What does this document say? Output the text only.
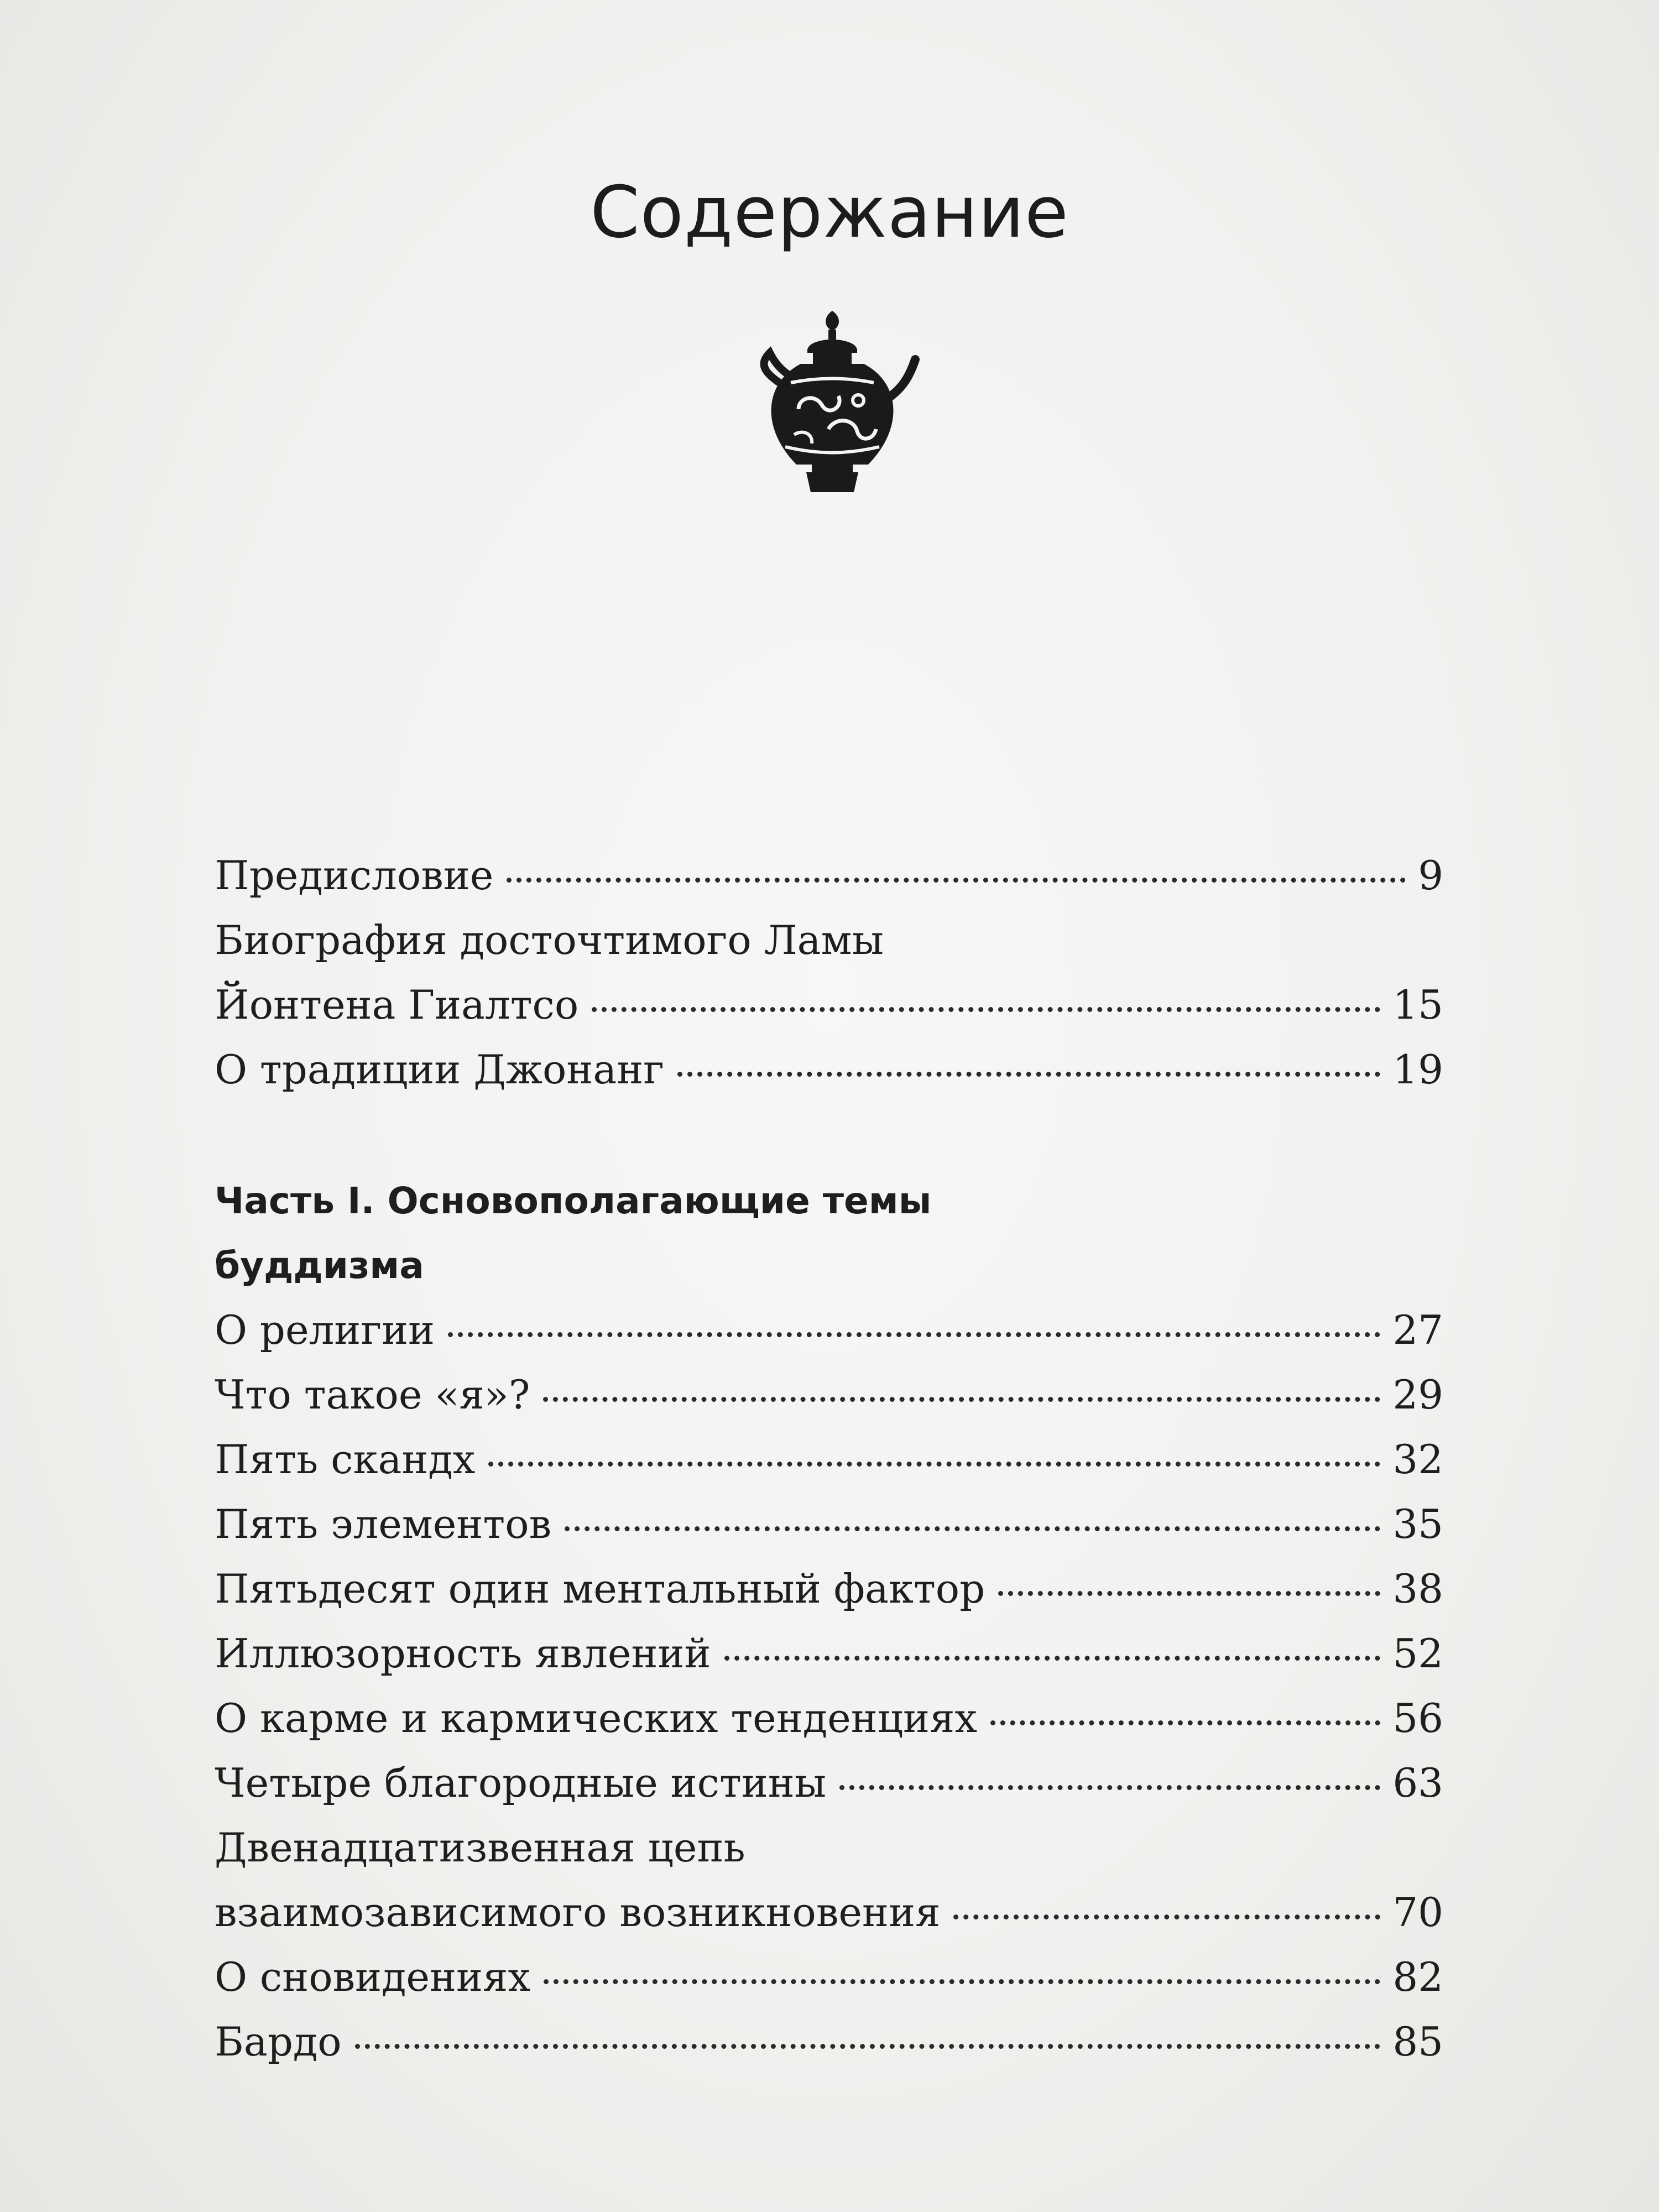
Содержание
Предисловие	9
Биография досточтимого Ламы
Йонтена Гиалтсо	15
О традиции Джонанг	19
Часть I. Основополагающие темы
буддизма
О религии	27
Что такое «я»?	29
Пять скандх	32
Пять элементов	35
Пятьдесят один ментальный фактор	38
Иллюзорность явлений	52
О карме и кармических тенденциях	56
Четыре благородные истины	63
Двенадцатизвенная цепь
взаимозависимого возникновения	70
О сновидениях	82
Бардо	85
